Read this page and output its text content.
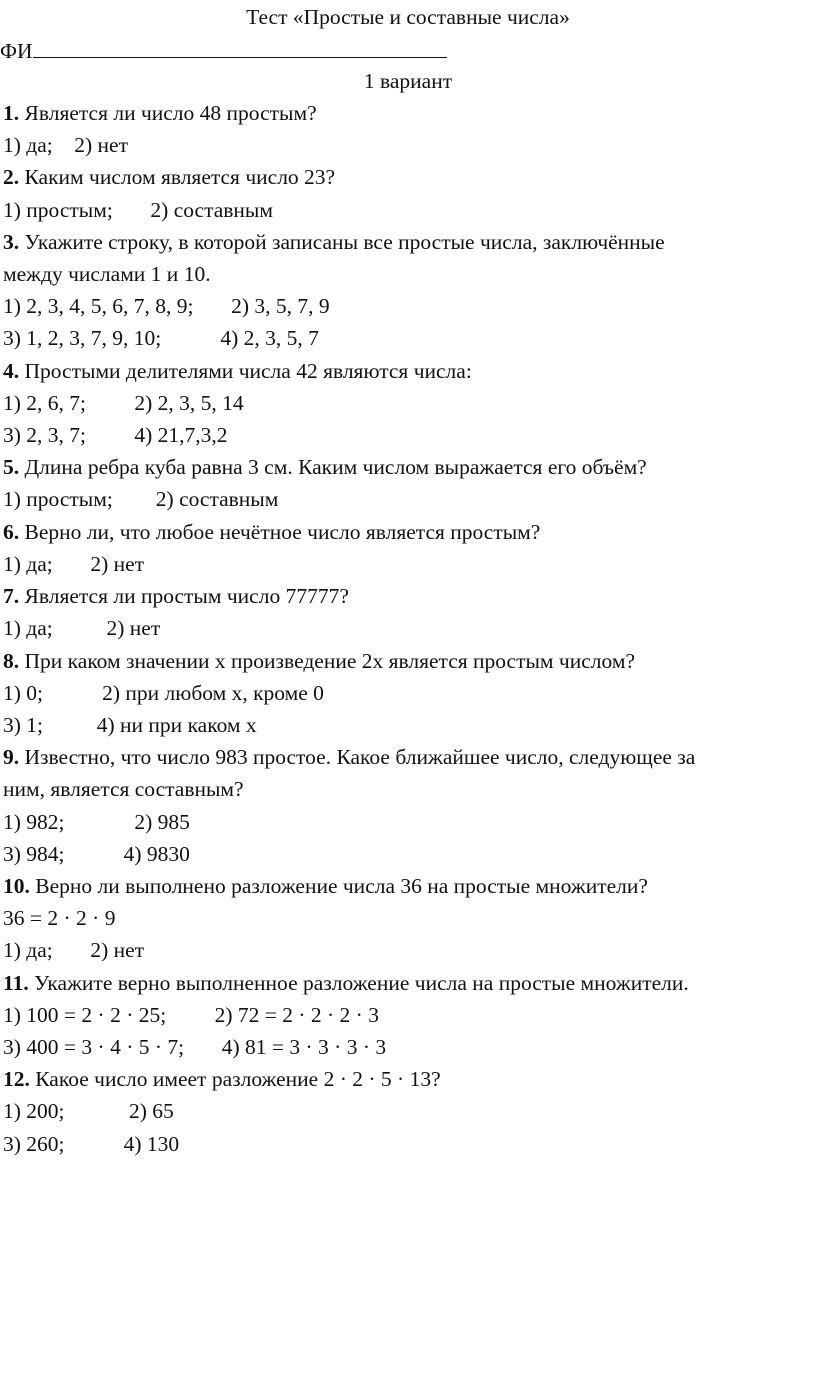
Тест «Простые и составные числа»
ФИ
1 вариант
1. Является ли число 48 простым?
1) да;    2) нет
2. Каким числом является число 23?
1) простым;       2) составным
3. Укажите строку, в которой записаны все простые числа, заключённые
между числами 1 и 10.
1) 2, 3, 4, 5, 6, 7, 8, 9;       2) 3, 5, 7, 9
3) 1, 2, 3, 7, 9, 10;           4) 2, 3, 5, 7
4. Простыми делителями числа 42 являются числа:
1) 2, 6, 7;         2) 2, 3, 5, 14
3) 2, 3, 7;         4) 21,7,3,2
5. Длина ребра куба равна 3 см. Каким числом выражается его объём?
1) простым;        2) составным
6. Верно ли, что любое нечётное число является простым?
1) да;       2) нет
7. Является ли простым число 77777?
1) да;          2) нет
8. При каком значении x произведение 2x является простым числом?
1) 0;           2) при любом x, кроме 0
3) 1;          4) ни при каком x
9. Известно, что число 983 простое. Какое ближайшее число, следующее за
ним, является составным?
1) 982;             2) 985
3) 984;           4) 9830
10. Верно ли выполнено разложение числа 36 на простые множители?
36 = 2 · 2 · 9
1) да;       2) нет
11. Укажите верно выполненное разложение числа на простые множители.
1) 100 = 2 · 2 · 25;         2) 72 = 2 · 2 · 2 · 3
3) 400 = 3 · 4 · 5 · 7;       4) 81 = 3 · 3 · 3 · 3
12. Какое число имеет разложение 2 · 2 · 5 · 13?
1) 200;            2) 65
3) 260;           4) 130
